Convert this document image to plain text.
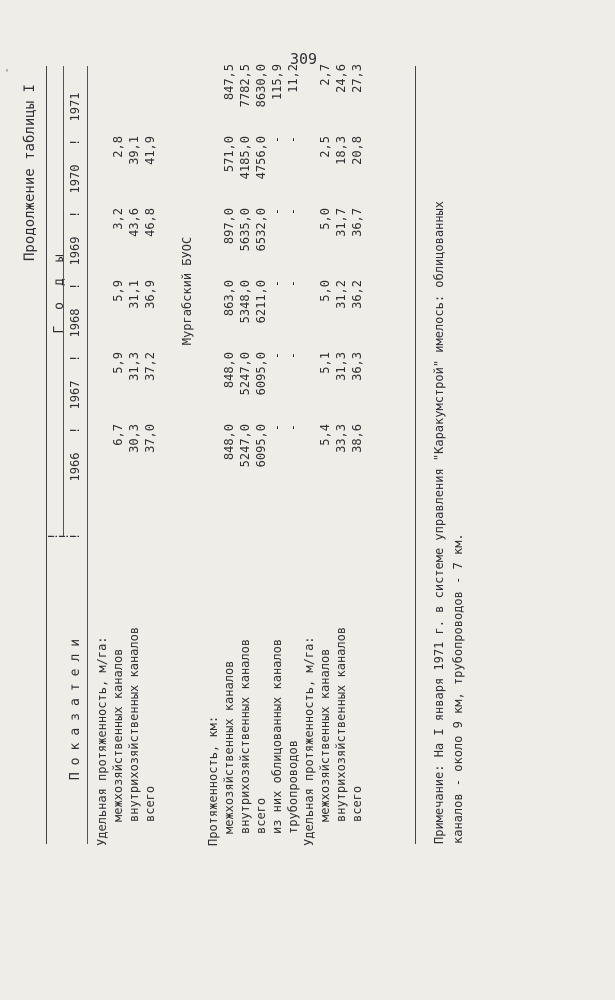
309
'
Продолжение таблицы I
Показатели
!
!
!
Годы
1966
1967
!
1968
!
1969
!
1970
!
1971
!
Удельная протяженность, м/га: межхозяйственных каналов
6,7
5,9
5,9
3,2
2,8
внутрихозяйственных каналов
30,3
31,3
31,1
43,6
39,1
всего
37,0
37,2
36,9
46,8
41,9
Протяженность, км: межхозяйственных каналов
848,0
848,0
863,0
897,0
571,0
847,5
внутрихозяйственных каналов
5247,0
5247,0
5348,0
5635,0
4185,0
7782,5
всего
6095,0
6095,0
6211,0
6532,0
4756,0
8630,0
из них облицованных каналов
-
-
-
-
-
115,9
трубопроводов
-
-
-
-
-
11,2
Удельная протяженность, м/га: межхозяйственных каналов
5,4
5,1
5,0
5,0
2,5
2,7
внутрихозяйственных каналов
33,3
31,3
31,2
31,7
18,3
24,6
всего
38,6
36,3
36,2
36,7
20,8
27,3
Мургабский БУОС	Примечание: На I января 1971 г. в системе управления "Каракумстрой" имелось: облицованных каналов - около 9 км, трубопроводов - 7 км.
